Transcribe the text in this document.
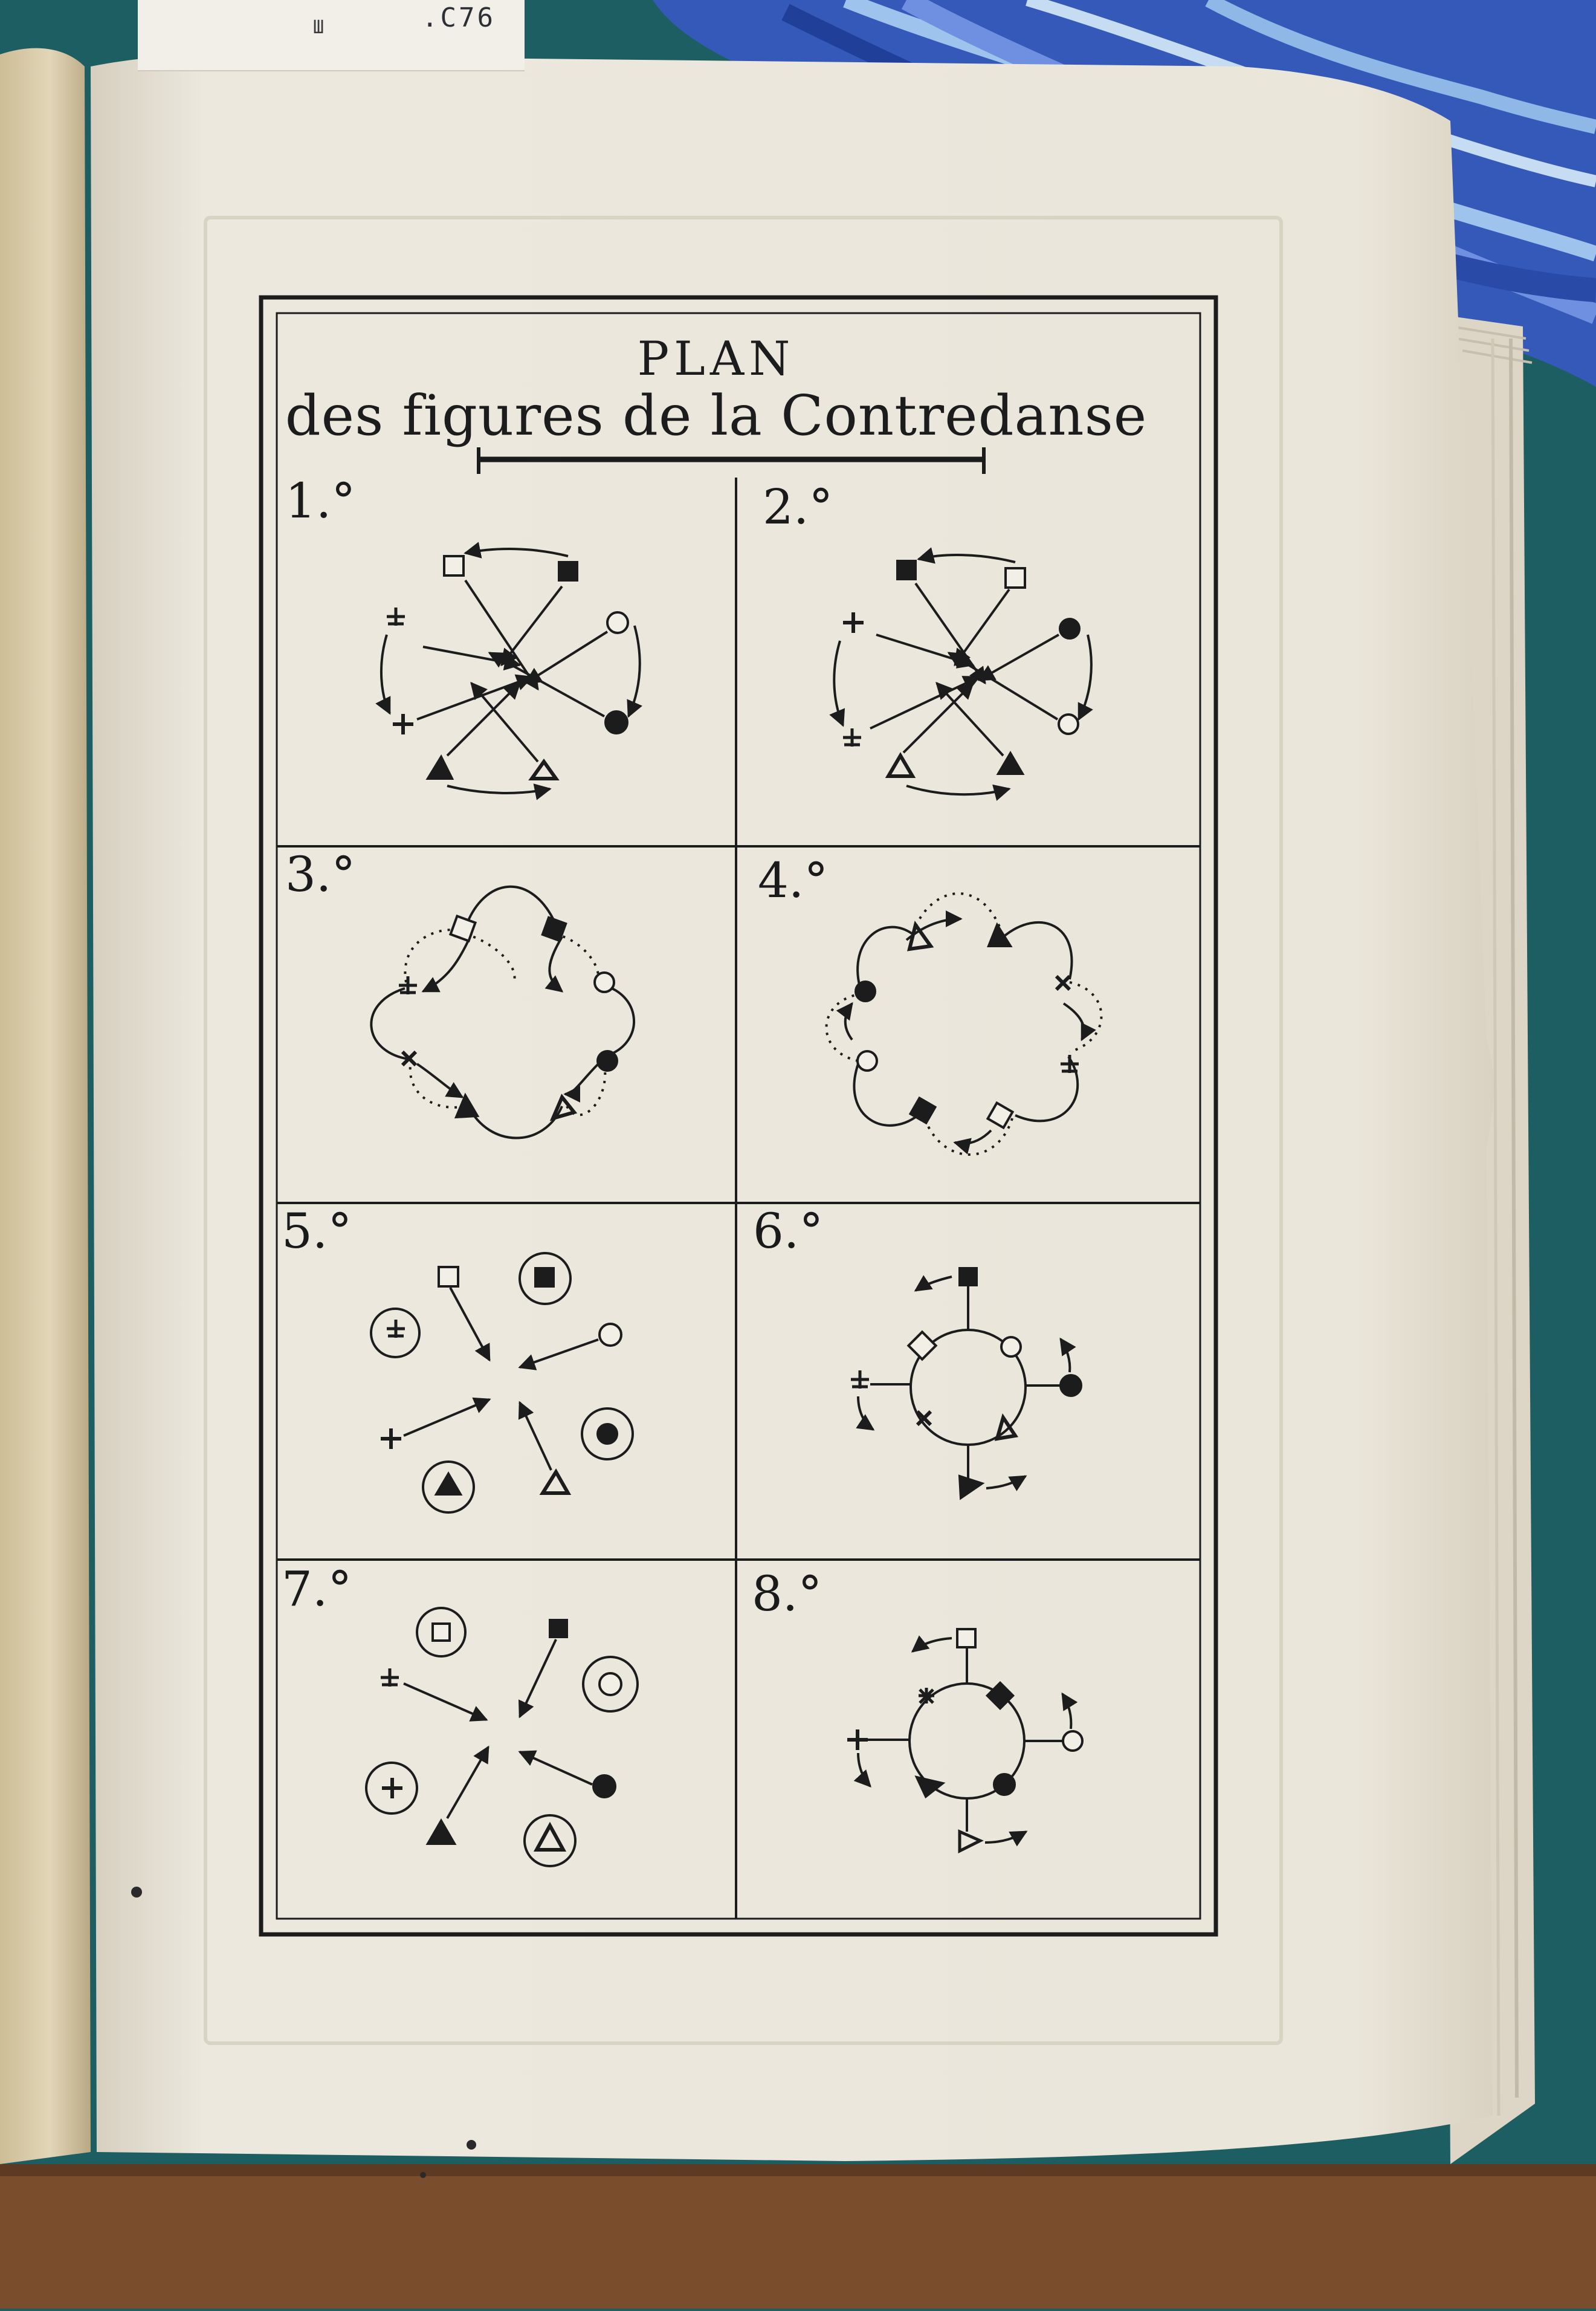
Ш	.C76
PLAN
des figures de la Contredanse
1.°	2.°
3.°	4.°
5.°	6.°
7.°	8.°
